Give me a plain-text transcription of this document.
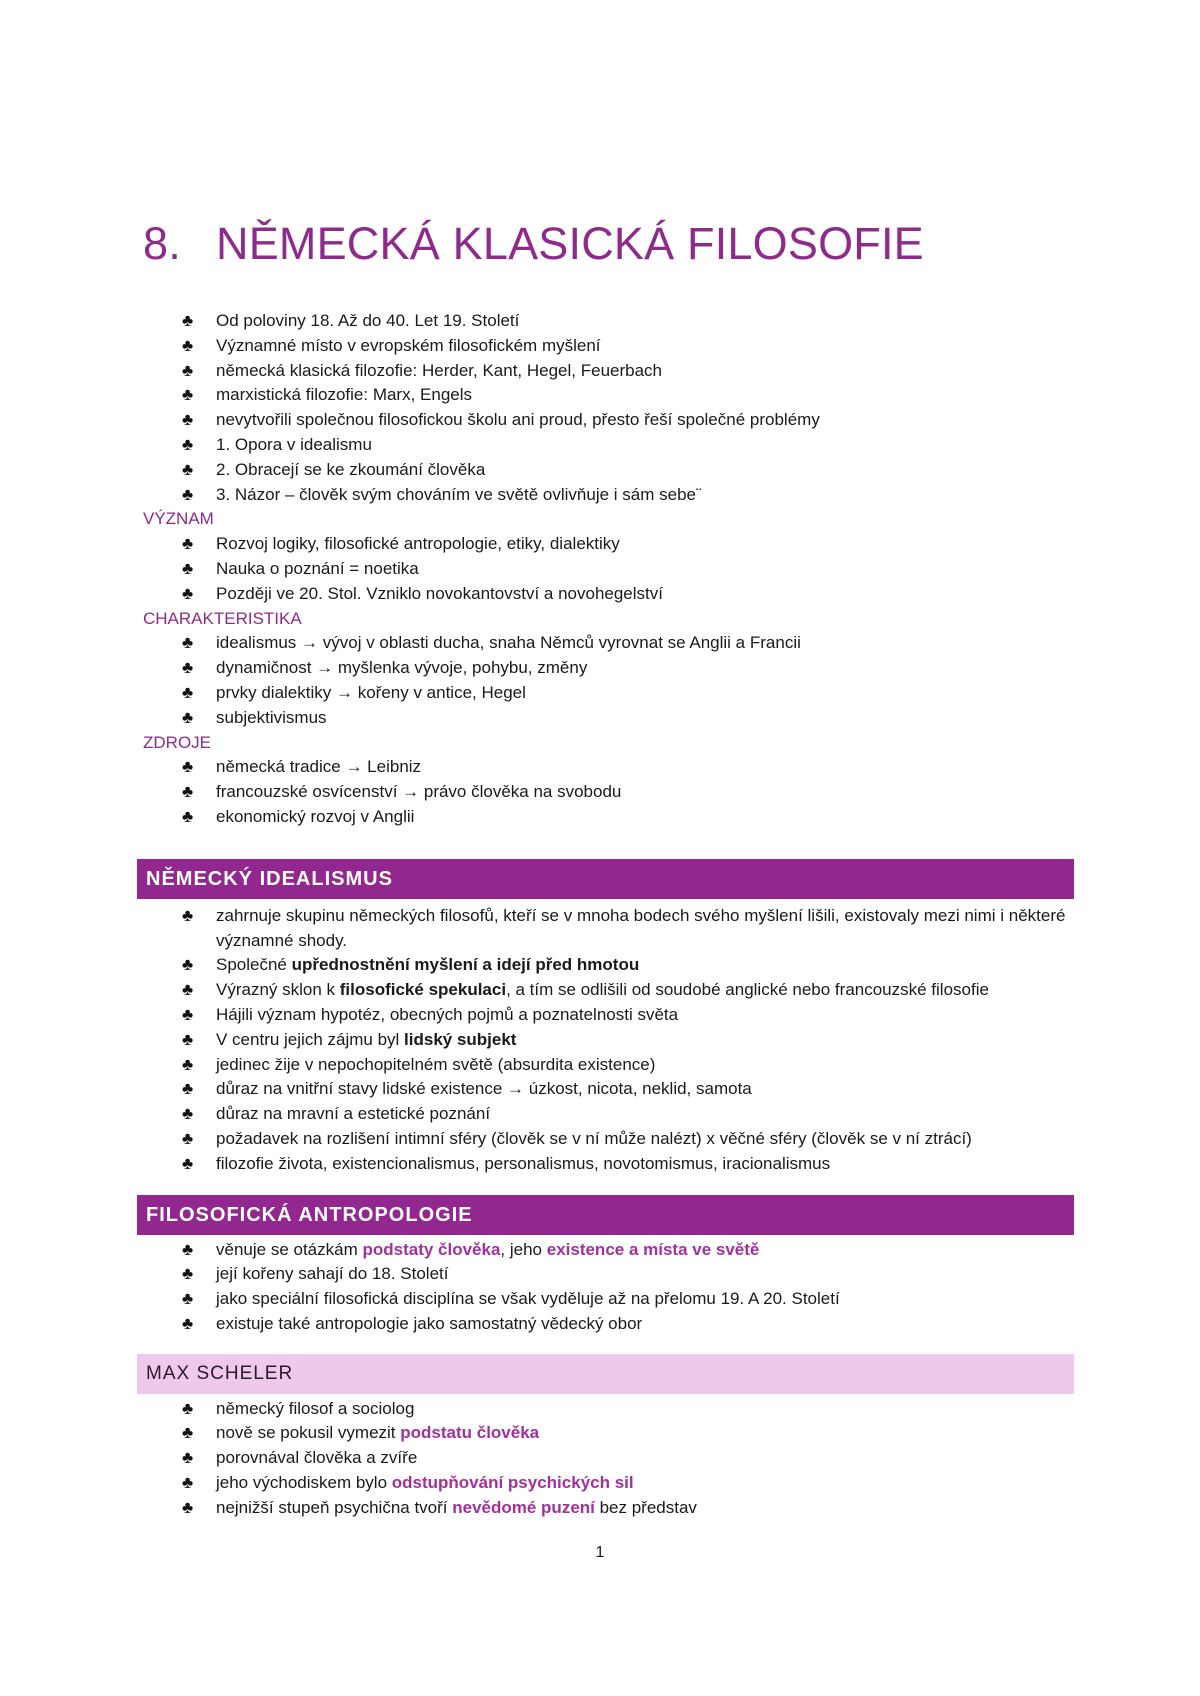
8. NĚMECKÁ KLASICKÁ FILOSOFIE
♣ Od poloviny 18. Až do 40. Let 19. Století
♣ Významné místo v evropském filosofickém myšlení
♣ německá klasická filozofie: Herder, Kant, Hegel, Feuerbach
♣ marxistická filozofie: Marx, Engels
♣ nevytvořili společnou filosofickou školu ani proud, přesto řeší společné problémy
♣ 1. Opora v idealismu
♣ 2. Obracejí se ke zkoumání člověka
♣ 3. Názor – člověk svým chováním ve světě ovlivňuje i sám sebe¨
VÝZNAM
♣ Rozvoj logiky, filosofické antropologie, etiky, dialektiky
♣ Nauka o poznání = noetika
♣ Později ve 20. Stol. Vzniklo novokantovství a novohegelství
CHARAKTERISTIKA
♣ idealismus → vývoj v oblasti ducha, snaha Němců vyrovnat se Anglii a Francii
♣ dynamičnost → myšlenka vývoje, pohybu, změny
♣ prvky dialektiky → kořeny v antice, Hegel
♣ subjektivismus
ZDROJE
♣ německá tradice → Leibniz
♣ francouzské osvícenství → právo člověka na svobodu
♣ ekonomický rozvoj v Anglii
NĚMECKÝ IDEALISMUS
♣ zahrnuje skupinu německých filosofů, kteří se v mnoha bodech svého myšlení lišili, existovaly mezi nimi i některé významné shody.
♣ Společné upřednostnění myšlení a idejí před hmotou
♣ Výrazný sklon k filosofické spekulaci, a tím se odlišili od soudobé anglické nebo francouzské filosofie
♣ Hájili význam hypotéz, obecných pojmů a poznatelnosti světa
♣ V centru jejich zájmu byl lidský subjekt
♣ jedinec žije v nepochopitelném světě (absurdita existence)
♣ důraz na vnitřní stavy lidské existence → úzkost, nicota, neklid, samota
♣ důraz na mravní a estetické poznání
♣ požadavek na rozlišení intimní sféry (člověk se v ní může nalézt) x věčné sféry (člověk se v ní ztrácí)
♣ filozofie života, existencionalismus, personalismus, novotomismus, iracionalismus
FILOSOFICKÁ ANTROPOLOGIE
♣ věnuje se otázkám podstaty člověka, jeho existence a místa ve světě
♣ její kořeny sahají do 18. Století
♣ jako speciální filosofická disciplína se však vyděluje až na přelomu 19. A 20. Století
♣ existuje také antropologie jako samostatný vědecký obor
MAX SCHELER
♣ německý filosof a sociolog
♣ nově se pokusil vymezit podstatu člověka
♣ porovnával člověka a zvíře
♣ jeho východiskem bylo odstupňování psychických sil
♣ nejnižší stupeň psychična tvoří nevědomé puzení bez představ
1
